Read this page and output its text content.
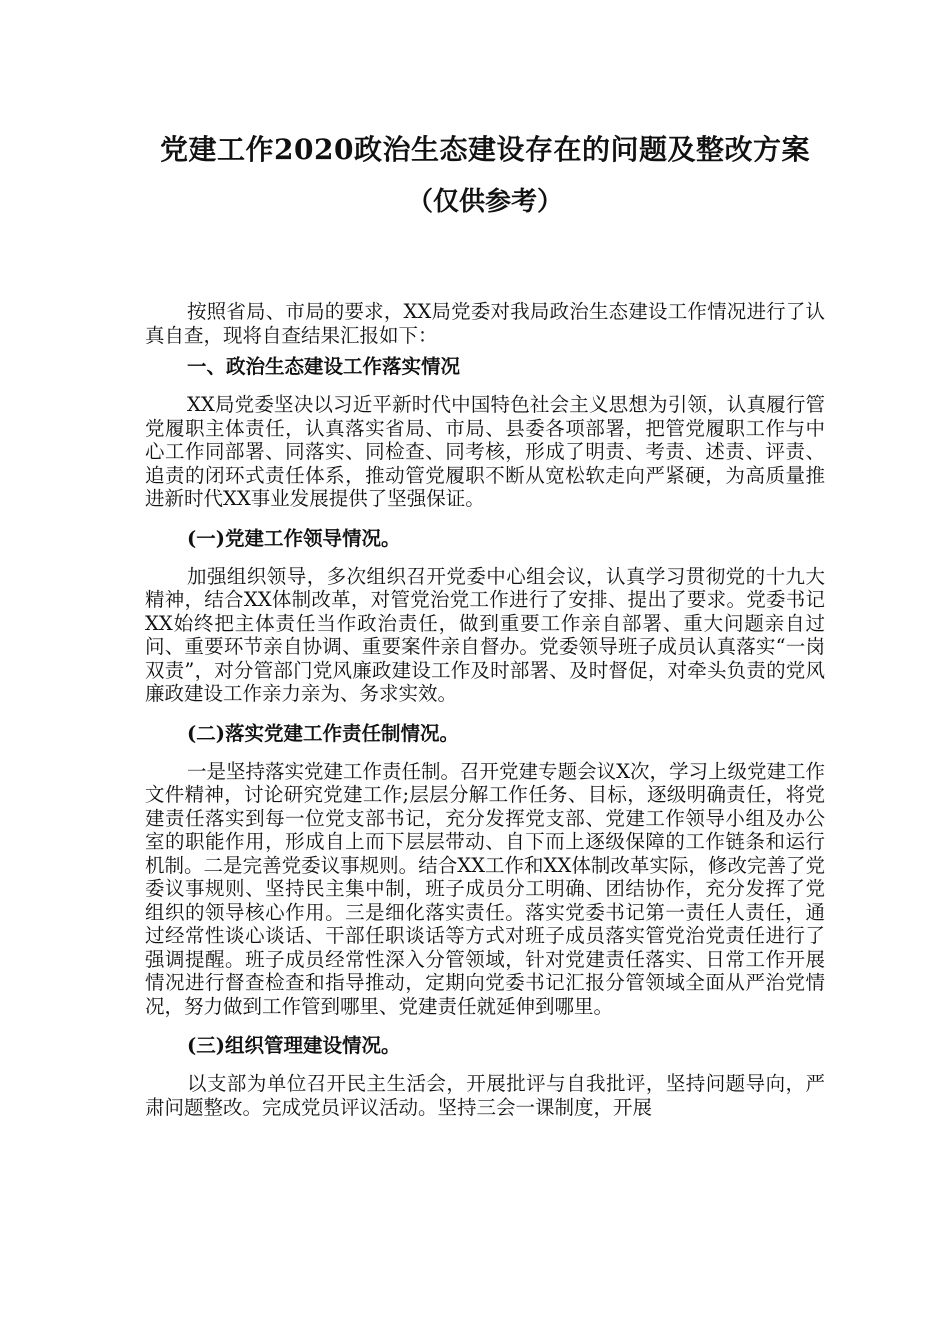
党建工作2020政治生态建设存在的问题及整改方案
（仅供参考）

按照省局、市局的要求，XX局党委对我局政治生态建设工作情况进行了认真自查，现将自查结果汇报如下：

一、政治生态建设工作落实情况

XX局党委坚决以习近平新时代中国特色社会主义思想为引领，认真履行管党履职主体责任，认真落实省局、市局、县委各项部署，把管党履职工作与中心工作同部署、同落实、同检查、同考核，形成了明责、考责、述责、评责、追责的闭环式责任体系，推动管党履职不断从宽松软走向严紧硬，为高质量推进新时代XX事业发展提供了坚强保证。

(一)党建工作领导情况。

加强组织领导，多次组织召开党委中心组会议，认真学习贯彻党的十九大精神，结合XX体制改革，对管党治党工作进行了安排、提出了要求。党委书记XX始终把主体责任当作政治责任，做到重要工作亲自部署、重大问题亲自过问、重要环节亲自协调、重要案件亲自督办。党委领导班子成员认真落实“一岗双责”，对分管部门党风廉政建设工作及时部署、及时督促，对牵头负责的党风廉政建设工作亲力亲为、务求实效。

(二)落实党建工作责任制情况。

一是坚持落实党建工作责任制。召开党建专题会议X次，学习上级党建工作文件精神，讨论研究党建工作;层层分解工作任务、目标，逐级明确责任，将党建责任落实到每一位党支部书记，充分发挥党支部、党建工作领导小组及办公室的职能作用，形成自上而下层层带动、自下而上逐级保障的工作链条和运行机制。二是完善党委议事规则。结合XX工作和XX体制改革实际，修改完善了党委议事规则、坚持民主集中制，班子成员分工明确、团结协作，充分发挥了党组织的领导核心作用。三是细化落实责任。落实党委书记第一责任人责任，通过经常性谈心谈话、干部任职谈话等方式对班子成员落实管党治党责任进行了强调提醒。班子成员经常性深入分管领域，针对党建责任落实、日常工作开展情况进行督查检查和指导推动，定期向党委书记汇报分管领域全面从严治党情况，努力做到工作管到哪里、党建责任就延伸到哪里。

(三)组织管理建设情况。

以支部为单位召开民主生活会，开展批评与自我批评，坚持问题导向，严肃问题整改。完成党员评议活动。坚持三会一课制度，开展
